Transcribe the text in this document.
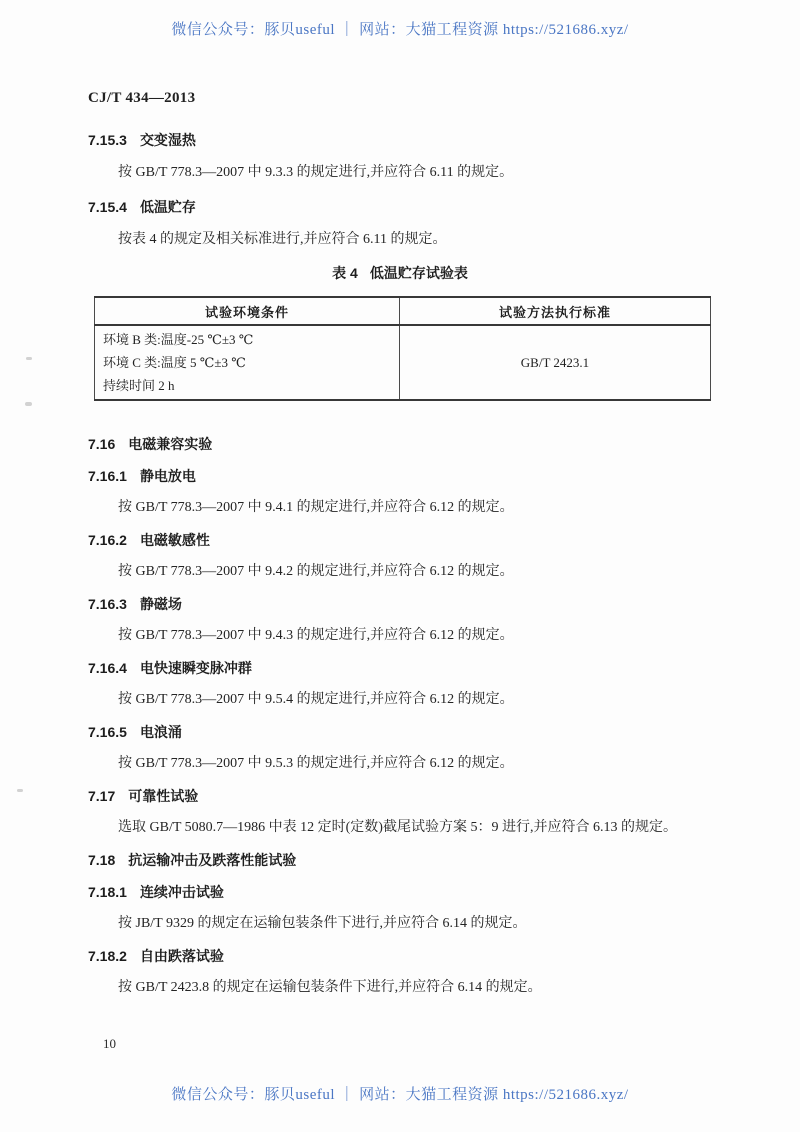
微信公众号：豚贝useful ｜ 网站：大猫工程资源 https://521686.xyz/
CJ/T 434—2013
7.15.3 交变湿热
按 GB/T 778.3—2007 中 9.3.3 的规定进行,并应符合 6.11 的规定。
7.15.4 低温贮存
按表 4 的规定及相关标准进行,并应符合 6.11 的规定。
表 4 低温贮存试验表
试验环境条件	试验方法执行标准

环境 B 类:温度-25 ℃±3 ℃
环境 C 类:温度 5 ℃±3 ℃
持续时间 2 h	GB/T 2423.1
7.16 电磁兼容实验
7.16.1 静电放电
按 GB/T 778.3—2007 中 9.4.1 的规定进行,并应符合 6.12 的规定。
7.16.2 电磁敏感性
按 GB/T 778.3—2007 中 9.4.2 的规定进行,并应符合 6.12 的规定。
7.16.3 静磁场
按 GB/T 778.3—2007 中 9.4.3 的规定进行,并应符合 6.12 的规定。
7.16.4 电快速瞬变脉冲群
按 GB/T 778.3—2007 中 9.5.4 的规定进行,并应符合 6.12 的规定。
7.16.5 电浪涌
按 GB/T 778.3—2007 中 9.5.3 的规定进行,并应符合 6.12 的规定。
7.17 可靠性试验
选取 GB/T 5080.7—1986 中表 12 定时(定数)截尾试验方案 5：9 进行,并应符合 6.13 的规定。
7.18 抗运输冲击及跌落性能试验
7.18.1 连续冲击试验
按 JB/T 9329 的规定在运输包装条件下进行,并应符合 6.14 的规定。
7.18.2 自由跌落试验
按 GB/T 2423.8 的规定在运输包装条件下进行,并应符合 6.14 的规定。
10
微信公众号：豚贝useful ｜ 网站：大猫工程资源 https://521686.xyz/
